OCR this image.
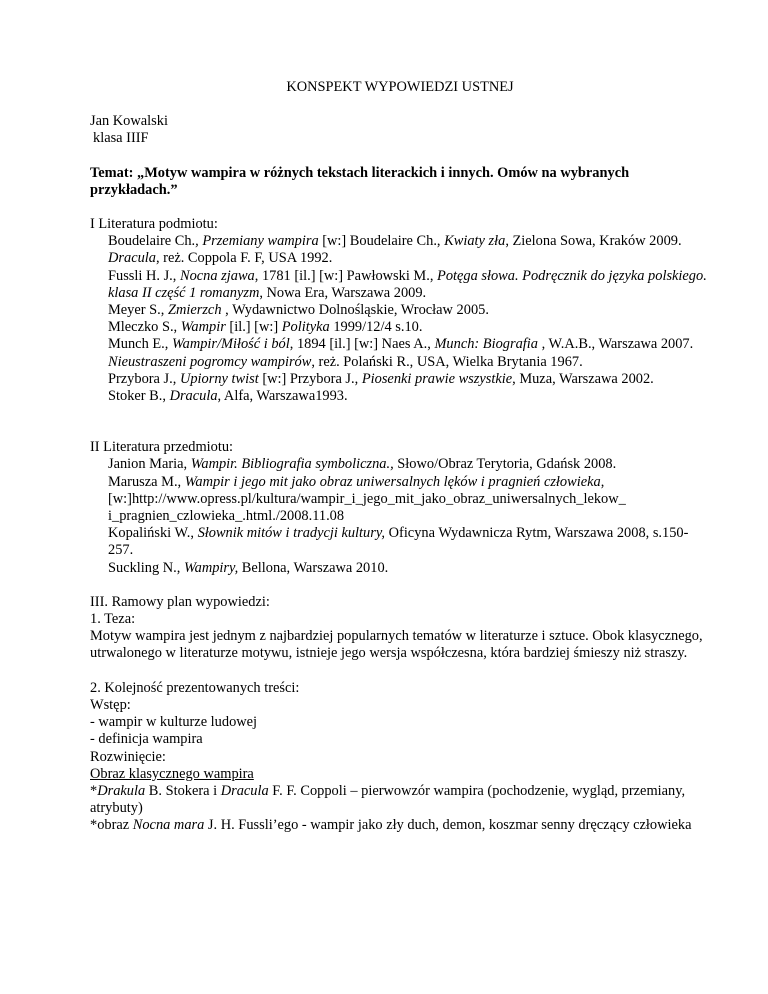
KONSPEKT WYPOWIEDZI USTNEJ

Jan Kowalski

klasa IIIF

Temat: „Motyw wampira w różnych tekstach literackich i innych. Omów na wybranych przykładach.”

I Literatura podmiotu:

Boudelaire Ch., Przemiany wampira [w:] Boudelaire Ch., Kwiaty zła, Zielona Sowa, Kraków 2009.

Dracula, reż. Coppola F. F, USA 1992.

Fussli H. J., Nocna zjawa, 1781 [il.] [w:] Pawłowski M., Potęga słowa. Podręcznik do języka polskiego. klasa II część 1 romanyzm, Nowa Era, Warszawa 2009.

Meyer S., Zmierzch , Wydawnictwo Dolnośląskie, Wrocław 2005.

Mleczko S., Wampir [il.] [w:] Polityka 1999/12/4 s.10.

Munch E., Wampir/Miłość i ból, 1894 [il.] [w:] Naes A., Munch: Biografia , W.A.B., Warszawa 2007.

Nieustraszeni pogromcy wampirów, reż. Polański R., USA, Wielka Brytania 1967.

Przybora J., Upiorny twist [w:] Przybora J., Piosenki prawie wszystkie, Muza, Warszawa 2002.

Stoker B., Dracula, Alfa, Warszawa1993.

II Literatura przedmiotu:

Janion Maria, Wampir. Bibliografia symboliczna., Słowo/Obraz Terytoria, Gdańsk 2008.

Marusza M., Wampir i jego mit jako obraz uniwersalnych lęków i pragnień człowieka,
[w:]http://www.opress.pl/kultura/wampir_i_jego_mit_jako_obraz_uniwersalnych_lekow_
i_pragnien_czlowieka_.html./2008.11.08

Kopaliński W., Słownik mitów i tradycji kultury, Oficyna Wydawnicza Rytm, Warszawa 2008, s.150-257.

Suckling N., Wampiry, Bellona, Warszawa 2010.

III. Ramowy plan wypowiedzi:

1. Teza:

Motyw wampira jest jednym z najbardziej popularnych tematów w literaturze i sztuce. Obok klasycznego, utrwalonego w literaturze motywu, istnieje jego wersja współczesna, która bardziej śmieszy niż straszy.

2. Kolejność prezentowanych treści:

Wstęp:

- wampir w kulturze ludowej

- definicja wampira

Rozwinięcie:

Obraz klasycznego wampira

*Drakula B. Stokera i Dracula F. F. Coppoli – pierwowzór wampira (pochodzenie, wygląd, przemiany, atrybuty)

*obraz Nocna mara J. H. Fussli’ego - wampir jako zły duch, demon, koszmar senny dręczący człowieka
